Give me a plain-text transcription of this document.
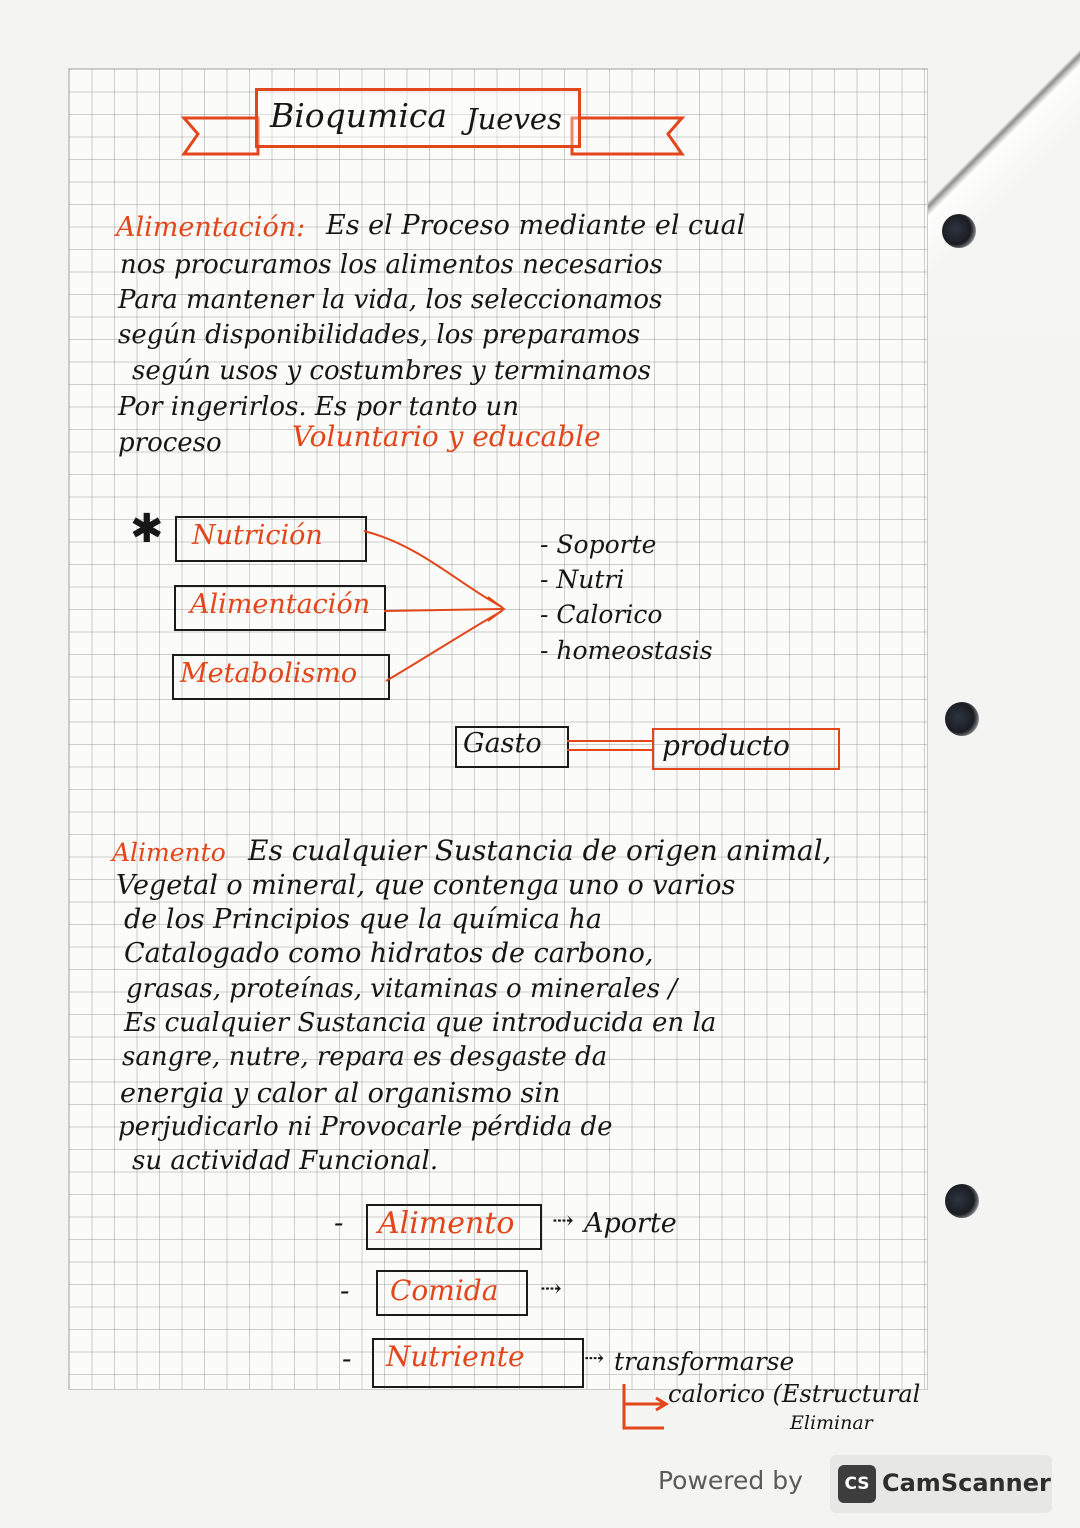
Bioqumica Jueves
Alimentación: Es el Proceso mediante el cual
nos procuramos los alimentos necesarios
Para mantener la vida, los seleccionamos
según disponibilidades, los preparamos
según usos y costumbres y terminamos
Por ingerirlos. Es por tanto un
proceso	Voluntario y educable
✱ Nutrición
Alimentación
Metabolismo
- Soporte
- Nutri
- Calorico
- homeostasis
Gasto	producto
Alimento Es cualquier Sustancia de origen animal,
Vegetal o mineral, que contenga uno o varios
de los Principios que la química ha
Catalogado como hidratos de carbono,
grasas, proteínas, vitaminas o minerales /
Es cualquier Sustancia que introducida en la
sangre, nutre, repara es desgaste da
energia y calor al organismo sin
perjudicarlo ni Provocarle pérdida de
su actividad Funcional.
- Alimento ⇢ Aporte
- Comida ⇢
- Nutriente ⇢ transformarse
calorico (Estructural
Eliminar
Powered by	CS CamScanner
